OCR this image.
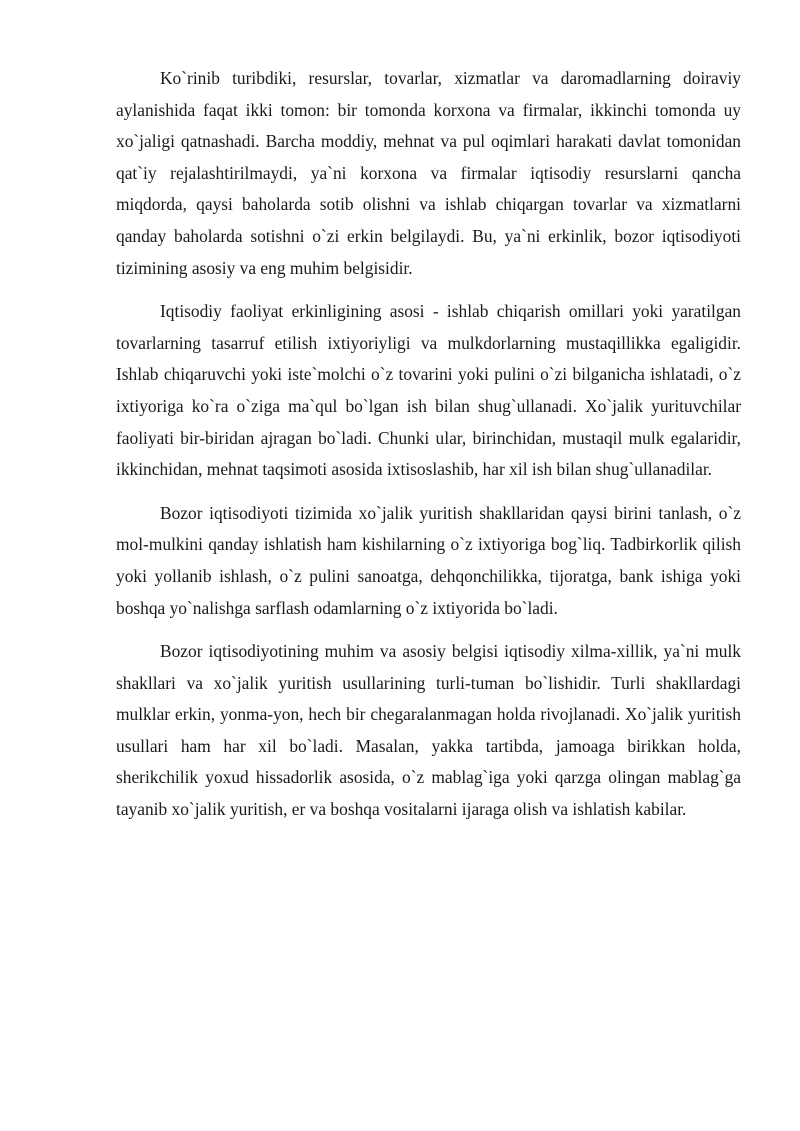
Ko`rinib turibdiki, resurslar, tovarlar, xizmatlar va daromadlarning doiraviy aylanishida faqat ikki tomon: bir tomonda korxona va firmalar, ikkinchi tomonda uy xo`jaligi qatnashadi. Barcha moddiy, mehnat va pul oqimlari harakati davlat tomonidan qat`iy rejalashtirilmaydi, ya`ni korxona va firmalar iqtisodiy resurslarni qancha miqdorda, qaysi baholarda sotib olishni va ishlab chiqargan tovarlar va xizmatlarni qanday baholarda sotishni o`zi erkin belgilaydi. Bu, ya`ni erkinlik, bozor iqtisodiyoti tizimining asosiy va eng muhim belgisidir.

Iqtisodiy faoliyat erkinligining asosi - ishlab chiqarish omillari yoki yaratilgan tovarlarning tasarruf etilish ixtiyoriyligi va mulkdorlarning mustaqillikka egaligidir. Ishlab chiqaruvchi yoki iste`molchi o`z tovarini yoki pulini o`zi bilganicha ishlatadi, o`z ixtiyoriga ko`ra o`ziga ma`qul bo`lgan ish bilan shug`ullanadi. Xo`jalik yurituvchilar faoliyati bir-biridan ajragan bo`ladi. Chunki ular, birinchidan, mustaqil mulk egalaridir, ikkinchidan, mehnat taqsimoti asosida ixtisoslashib, har xil ish bilan shug`ullanadilar.

Bozor iqtisodiyoti tizimida xo`jalik yuritish shakllaridan qaysi birini tanlash, o`z mol-mulkini qanday ishlatish ham kishilarning o`z ixtiyoriga bog`liq. Tadbirkorlik qilish yoki yollanib ishlash, o`z pulini sanoatga, dehqonchilikka, tijoratga, bank ishiga yoki boshqa yo`nalishga sarflash odamlarning o`z ixtiyorida bo`ladi.

Bozor iqtisodiyotining muhim va asosiy belgisi iqtisodiy xilma-xillik, ya`ni mulk shakllari va xo`jalik yuritish usullarining turli-tuman bo`lishidir. Turli shakllardagi mulklar erkin, yonma-yon, hech bir chegaralanmagan holda rivojlanadi. Xo`jalik yuritish usullari ham har xil bo`ladi. Masalan, yakka tartibda, jamoaga birikkan holda, sherikchilik yoxud hissadorlik asosida, o`z mablag`iga yoki qarzga olingan mablag`ga tayanib xo`jalik yuritish, er va boshqa vositalarni ijaraga olish va ishlatish kabilar.
